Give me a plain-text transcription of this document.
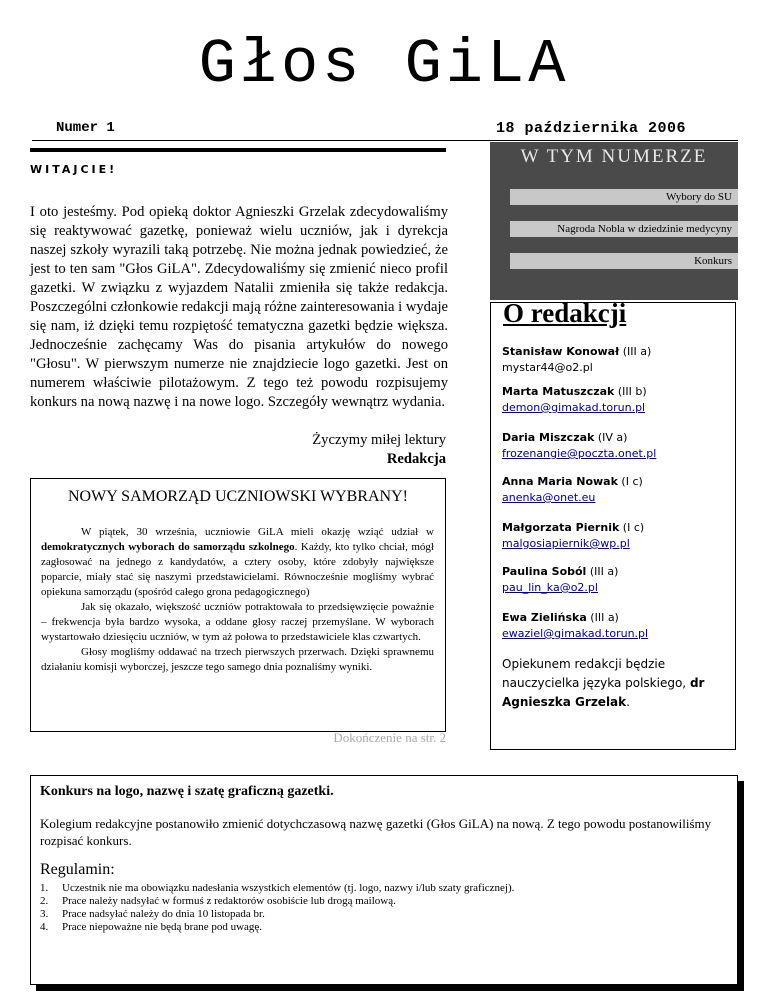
Głos GiLA
Numer 1	18 października 2006
WITAJCIE!
I oto jesteśmy. Pod opieką doktor Agnieszki Grzelak zdecydowaliśmy się reaktywować gazetkę, ponieważ wielu uczniów, jak i dyrekcja naszej szkoły wyrazili taką potrzebę. Nie można jednak powiedzieć, że jest to ten sam "Głos GiLA". Zdecydowaliśmy się zmienić nieco profil gazetki. W związku z wyjazdem Natalii zmieniła się także redakcja. Poszczególni członkowie redakcji mają różne zainteresowania i wydaje się nam, iż dzięki temu rozpiętość tematyczna gazetki będzie większa. Jednocześnie zachęcamy Was do pisania artykułów do nowego "Głosu". W pierwszym numerze nie znajdziecie logo gazetki. Jest on numerem właściwie pilotażowym. Z tego też powodu rozpisujemy konkurs na nową nazwę i na nowe logo. Szczegóły wewnątrz wydania.
Życzymy miłej lektury
Redakcja
W TYM NUMERZE
Wybory do SU
Nagroda Nobla w dziedzinie medycyny
Konkurs
O redakcji
Stanisław Konował (III a)
mystar44@o2.pl
Marta Matuszczak (III b)
demon@gimakad.torun.pl
Daria Miszczak (IV a)
frozenangie@poczta.onet.pl
Anna Maria Nowak (I c)
anenka@onet.eu
Małgorzata Piernik (I c)
malgosiapiernik@wp.pl
Paulina Soból (III a)
pau_lin_ka@o2.pl
Ewa Zielińska (III a)
ewaziel@gimakad.torun.pl
Opiekunem redakcji będzie nauczycielka języka polskiego, dr Agnieszka Grzelak.
NOWY SAMORZĄD UCZNIOWSKI WYBRANY!

W piątek, 30 września, uczniowie GiLA mieli okazję wziąć udział w demokratycznych wyborach do samorządu szkolnego. Każdy, kto tylko chciał, mógł zagłosować na jednego z kandydatów, a cztery osoby, które zdobyły największe poparcie, miały stać się naszymi przedstawicielami. Równocześnie mogliśmy wybrać opiekuna samorządu (spośród całego grona pedagogicznego)

Jak się okazało, większość uczniów potraktowała to przedsięwzięcie poważnie – frekwencja była bardzo wysoka, a oddane głosy raczej przemyślane. W wyborach wystartowało dziesięciu uczniów, w tym aż połowa to przedstawiciele klas czwartych.

Głosy mogliśmy oddawać na trzech pierwszych przerwach. Dzięki sprawnemu działaniu komisji wyborczej, jeszcze tego samego dnia poznaliśmy wyniki.

Dokończenie na str. 2
Konkurs na logo, nazwę i szatę graficzną gazetki.
Kolegium redakcyjne postanowiło zmienić dotychczasową nazwę gazetki (Głos GiLA) na nową. Z tego powodu postanowiliśmy rozpisać konkurs.
Regulamin:
1.	Uczestnik nie ma obowiązku nadesłania wszystkich elementów (tj. logo, nazwy i/lub szaty graficznej).
2.	Prace należy nadsyłać w formuś z redaktorów osobiście lub drogą mailową.
3.	Prace nadsyłać należy do dnia 10 listopada br.
4.	Prace niepoważne nie będą brane pod uwagę.
